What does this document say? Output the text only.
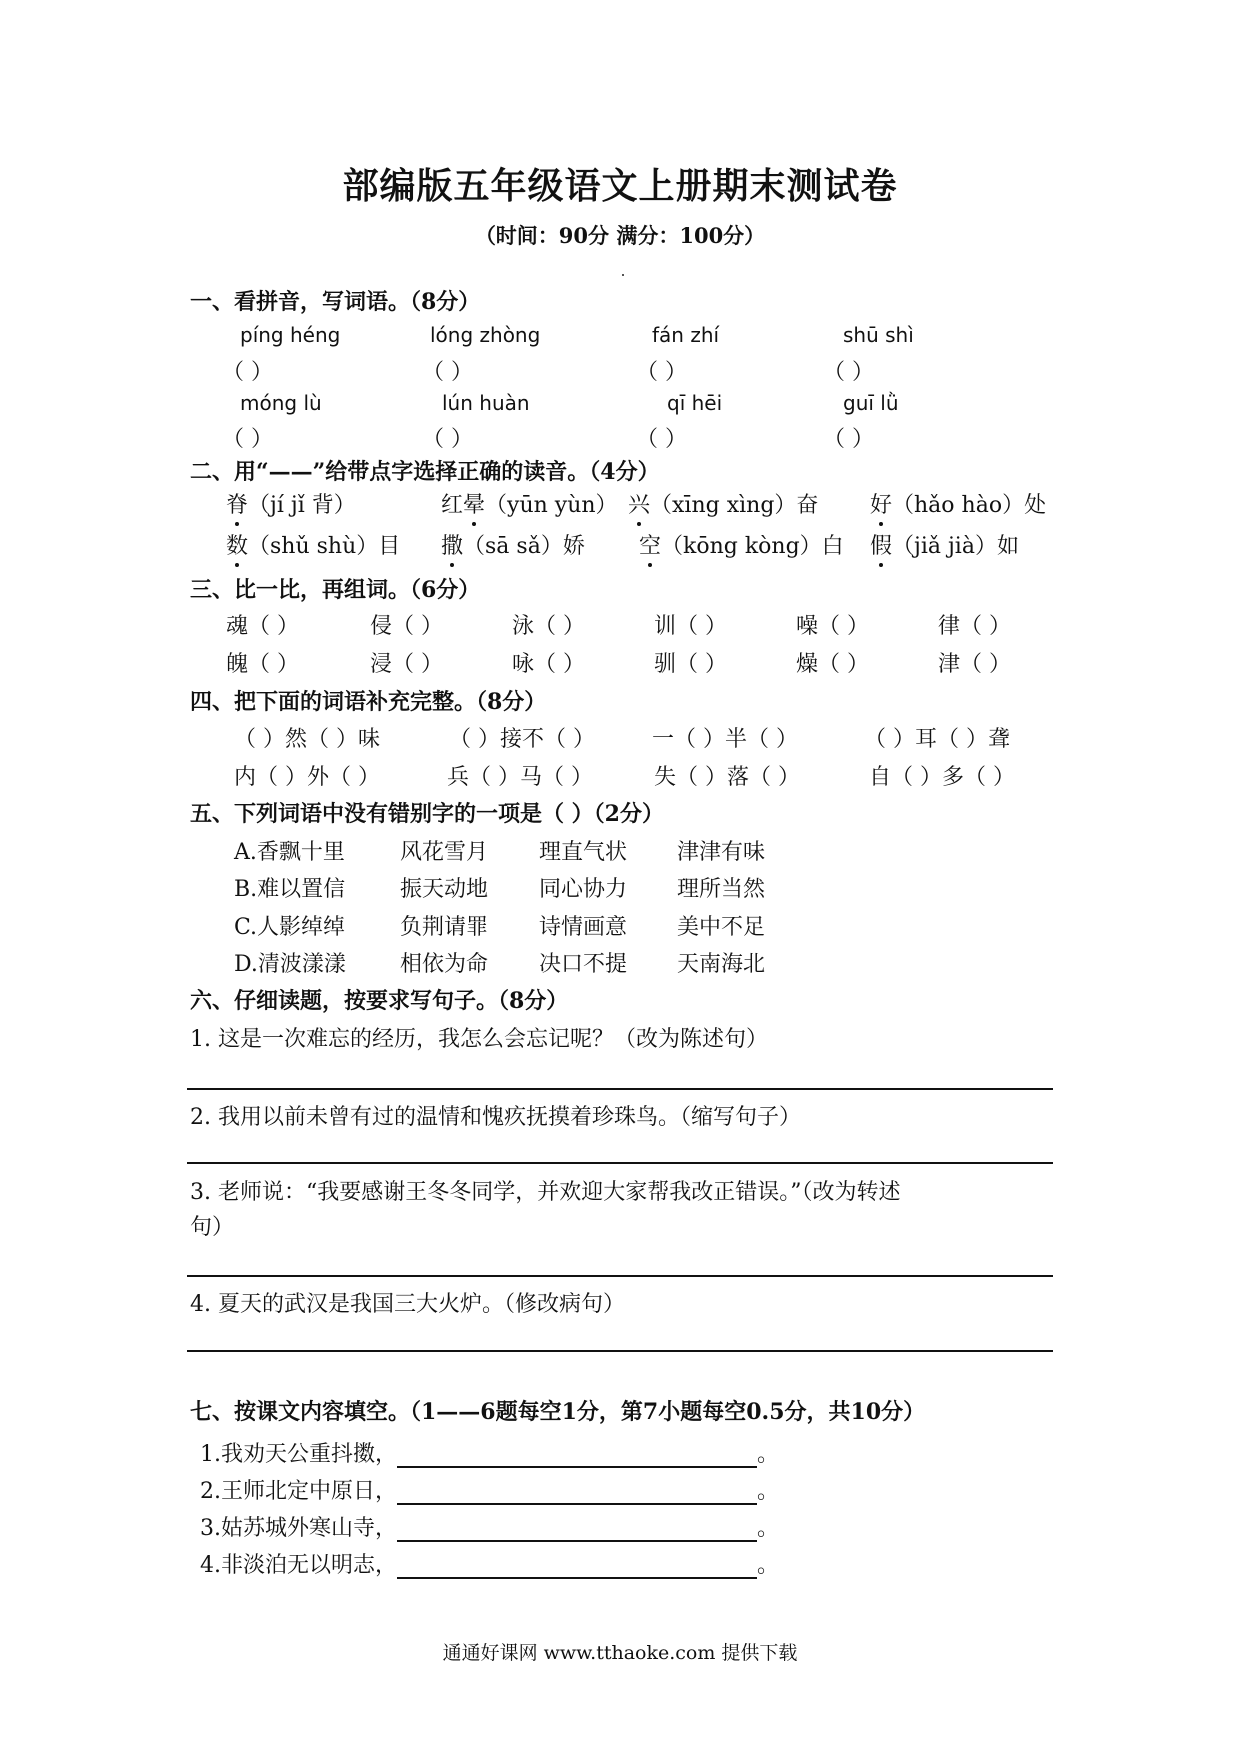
部编版五年级语文上册期末测试卷
（时间：90分 满分：100分）
一、看拼音，写词语。（8分）
píng héng	lóng zhòng	fán zhí	shū shì
（ ）	（ ）	（ ）	（ ）
móng lù	lún huàn	qī hēi	guī lǜ
（ ）	（ ）	（ ）	（ ）
二、用“——”给带点字选择正确的读音。（4分）
脊（jí jǐ 背）	红晕（yūn yùn） 兴（xīng xìng）奋 好（hǎo hào）处
数（shǔ shù）目 撒（sā sǎ）娇 空（kōng kòng）白 假（jiǎ jià）如
三、比一比，再组词。（6分）
魂（ ）	侵（ ）	泳（ ）	训（ ）	噪（ ）	律（ ）
魄（ ）	浸（ ）	咏（ ）	驯（ ）	燥（ ）	津（ ）
四、把下面的词语补充完整。（8分）
（ ）然（ ）味	（ ）接不（ ）	一（ ）半（ ）	（ ）耳（ ）聋
内（ ）外（ ）	兵（ ）马（ ）	失（ ）落（ ）	自（ ）多（ ）
五、下列词语中没有错别字的一项是（ ）（2分）
A.香飘十里	风花雪月 理直气状 津津有味
B.难以置信 振天动地 同心协力 理所当然
C.人影绰绰 负荆请罪 诗情画意 美中不足
D.清波漾漾 相依为命 决口不提 天南海北
六、仔细读题，按要求写句子。（8分）
1. 这是一次难忘的经历，我怎么会忘记呢？（改为陈述句）
2. 我用以前未曾有过的温情和愧疚抚摸着珍珠鸟。（缩写句子）
3. 老师说：“我要感谢王冬冬同学，并欢迎大家帮我改正错误。”（改为转述
句）
4. 夏天的武汉是我国三大火炉。（修改病句）
七、按课文内容填空。（1——6题每空1分，第7小题每空0.5分，共10分）
1.我劝天公重抖擞，	。
2.王师北定中原日，	。
3.姑苏城外寒山寺，	。
4.非淡泊无以明志，	。
通通好课网 www.tthaoke.com 提供下载
